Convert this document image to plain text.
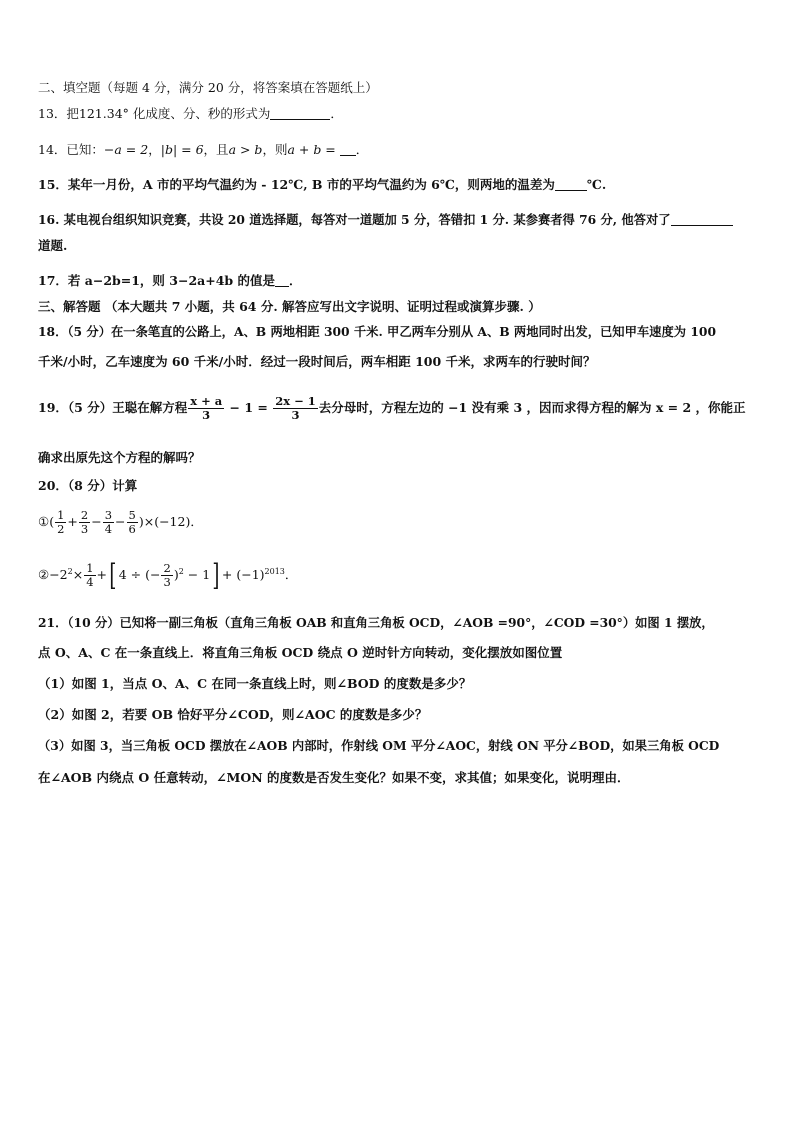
二、填空题（每题 4 分，满分 20 分，将答案填在答题纸上）
13．把121.34° 化成度、分、秒的形式为	．
14．已知：−a = 2，|b| = 6，且a > b，则a + b = ．
15．某年一月份，A 市的平均气温约为 - 12℃, B 市的平均气温约为 6℃，则两地的温差为	℃.
16. 某电视台组织知识竞赛，共设 20 道选择题，每答对一道题加 5 分，答错扣 1 分. 某参赛者得 76 分, 他答对了
道题.
17．若 a−2b=1，则 3−2a+4b 的值是 ．
三、解答题 （本大题共 7 小题，共 64 分. 解答应写出文字说明、证明过程或演算步骤. ）
18．（5 分）在一条笔直的公路上，A、B 两地相距 300 千米. 甲乙两车分别从 A、B 两地同时出发，已知甲车速度为 100
千米/小时，乙车速度为 60 千米/小时．经过一段时间后，两车相距 100 千米，求两车的行驶时间？
19．（5 分）王聪在解方程 $\frac{x + a}{3} - 1 = \frac{2x - 1}{3}$ 去分母时，方程左边的 −1 没有乘 3 ，因而求得方程的解为 x = 2 ，你能正
确求出原先这个方程的解吗？
20．（8 分）计算
①( $\frac{1}{2} + \frac{2}{3} - \frac{3}{4} - \frac{5}{6} )\times(-12)$．
$②-2^2\times \frac{1}{4}$ +[ 4 ÷ (− $\frac{2}{3} )^2 - 1] + (-1)^{2013}$．
21．（10 分）已知将一副三角板（直角三角板 OAB 和直角三角板 OCD，∠AOB =90°，∠COD =30°）如图 1 摆放，
点 O、A、C 在一条直线上．将直角三角板 OCD 绕点 O 逆时针方向转动，变化摆放如图位置
（1）如图 1，当点 O、A、C 在同一条直线上时，则∠BOD 的度数是多少？
（2）如图 2，若要 OB 恰好平分∠COD，则∠AOC 的度数是多少？
（3）如图 3，当三角板 OCD 摆放在∠AOB 内部时，作射线 OM 平分∠AOC，射线 ON 平分∠BOD，如果三角板 OCD
在∠AOB 内绕点 O 任意转动，∠MON 的度数是否发生变化？如果不变，求其值；如果变化，说明理由．
